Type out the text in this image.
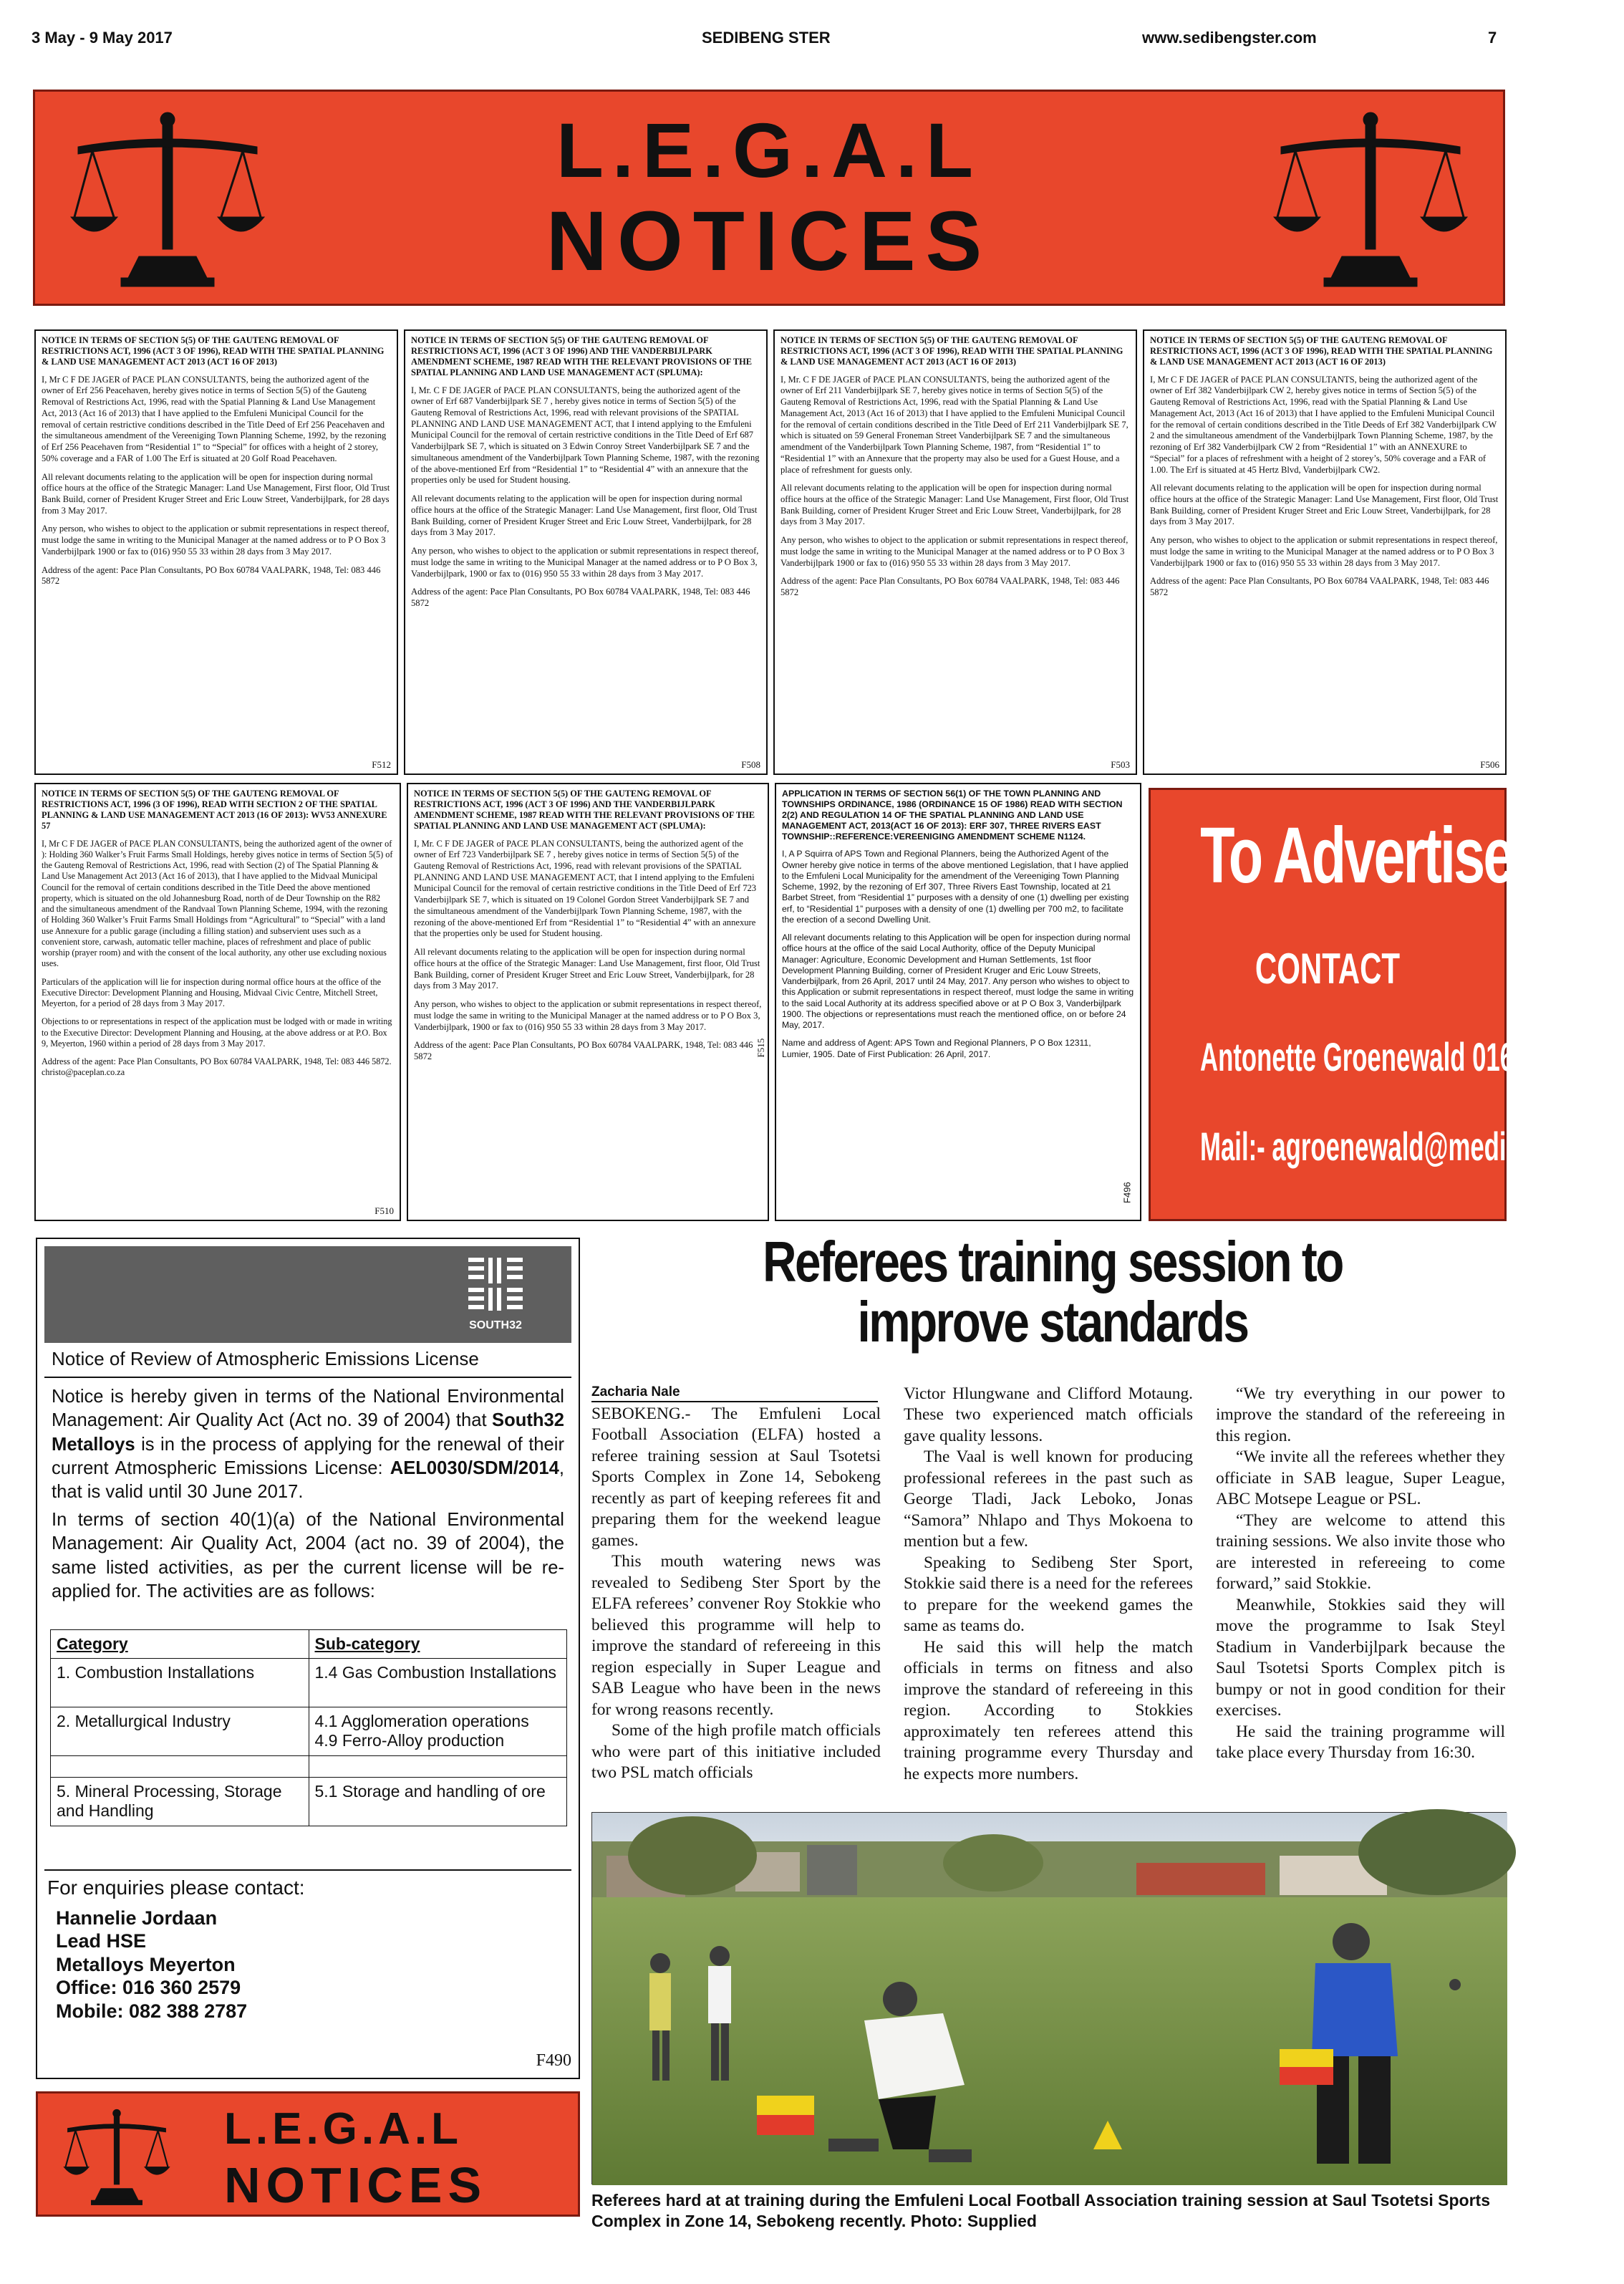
3 May - 9 May 2017	SEDIBENG STER	www.sedibengster.com	7
L.E.G.A.L
NOTICES
NOTICE IN TERMS OF SECTION 5(5) OF THE GAUTENG REMOVAL OF RESTRICTIONS ACT, 1996 (ACT 3 OF 1996), READ WITH THE SPATIAL PLANNING & LAND USE MANAGEMENT ACT 2013 (ACT 16 OF 2013)

I, Mr C F DE JAGER of PACE PLAN CONSULTANTS, being the authorized agent of the owner of Erf 256 Peacehaven, hereby gives notice in terms of Section 5(5) of the Gauteng Removal of Restrictions Act, 1996, read with the Spatial Planning & Land Use Management Act, 2013 (Act 16 of 2013) that I have applied to the Emfuleni Municipal Council for the removal of certain restrictive conditions described in the Title Deed of Erf 256 Peacehaven and the simultaneous amendment of the Vereeniging Town Planning Scheme, 1992, by the rezoning of Erf 256 Peacehaven from “Residential 1” to “Special” for offices with a height of 2 storey, 50% coverage and a FAR of 1.00 The Erf is situated at 20 Golf Road Peacehaven.

All relevant documents relating to the application will be open for inspection during normal office hours at the office of the Strategic Manager: Land Use Management, First floor, Old Trust Bank Build, corner of President Kruger Street and Eric Louw Street, Vanderbijlpark, for 28 days from 3 May 2017.

Any person, who wishes to object to the application or submit representations in respect thereof, must lodge the same in writing to the Municipal Manager at the named address or to P O Box 3 Vanderbijlpark 1900 or fax to (016) 950 55 33 within 28 days from 3 May 2017.

Address of the agent: Pace Plan Consultants, PO Box 60784 VAALPARK, 1948, Tel: 083 446 5872

F512
NOTICE IN TERMS OF SECTION 5(5) OF THE GAUTENG REMOVAL OF RESTRICTIONS ACT, 1996 (ACT 3 OF 1996) AND THE VANDERBIJLPARK AMENDMENT SCHEME, 1987 READ WITH THE RELEVANT PROVISIONS OF THE SPATIAL PLANNING AND LAND USE MANAGEMENT ACT (SPLUMA):

I, Mr. C F DE JAGER of PACE PLAN CONSULTANTS, being the authorized agent of the owner of Erf 687 Vanderbijlpark SE 7 , hereby gives notice in terms of Section 5(5) of the Gauteng Removal of Restrictions Act, 1996, read with relevant provisions of the SPATIAL PLANNING AND LAND USE MANAGEMENT ACT, that I intend applying to the Emfuleni Municipal Council for the removal of certain restrictive conditions in the Title Deed of Erf 687 Vanderbijlpark SE 7, which is situated on 3 Edwin Conroy Street Vanderbijlpark SE 7 and the simultaneous amendment of the Vanderbijlpark Town Planning Scheme, 1987, with the rezoning of the above-mentioned Erf from “Residential 1” to “Residential 4” with an annexure that the properties only be used for Student housing.

All relevant documents relating to the application will be open for inspection during normal office hours at the office of the Strategic Manager: Land Use Management, first floor, Old Trust Bank Building, corner of President Kruger Street and Eric Louw Street, Vanderbijlpark, for 28 days from 3 May 2017.

Any person, who wishes to object to the application or submit representations in respect thereof, must lodge the same in writing to the Municipal Manager at the named address or to P O Box 3, Vanderbijlpark, 1900 or fax to (016) 950 55 33 within 28 days from 3 May 2017.

Address of the agent: Pace Plan Consultants, PO Box 60784 VAALPARK, 1948, Tel: 083 446 5872

F508
NOTICE IN TERMS OF SECTION 5(5) OF THE GAUTENG REMOVAL OF RESTRICTIONS ACT, 1996 (ACT 3 OF 1996), READ WITH THE SPATIAL PLANNING & LAND USE MANAGEMENT ACT 2013 (ACT 16 OF 2013)

I, Mr. C F DE JAGER of PACE PLAN CONSULTANTS, being the authorized agent of the owner of Erf 211 Vanderbijlpark SE 7, hereby gives notice in terms of Section 5(5) of the Gauteng Removal of Restrictions Act, 1996, read with the Spatial Planning & Land Use Management Act, 2013 (Act 16 of 2013) that I have applied to the Emfuleni Municipal Council for the removal of certain conditions described in the Title Deed of Erf 211 Vanderbijlpark SE 7, which is situated on 59 General Froneman Street Vanderbijlpark SE 7 and the simultaneous amendment of the Vanderbijlpark Town Planning Scheme, 1987, from “Residential 1” to “Residential 1” with an Annexure that the property may also be used for a Guest House, and a place of refreshment for guests only.

All relevant documents relating to the application will be open for inspection during normal office hours at the office of the Strategic Manager: Land Use Management, First floor, Old Trust Bank Building, corner of President Kruger Street and Eric Louw Street, Vanderbijlpark, for 28 days from 3 May 2017.

Any person, who wishes to object to the application or submit representations in respect thereof, must lodge the same in writing to the Municipal Manager at the named address or to P O Box 3 Vanderbijlpark 1900 or fax to (016) 950 55 33 within 28 days from 3 May 2017.

Address of the agent: Pace Plan Consultants, PO Box 60784 VAALPARK, 1948, Tel: 083 446 5872

F503
NOTICE IN TERMS OF SECTION 5(5) OF THE GAUTENG REMOVAL OF RESTRICTIONS ACT, 1996 (ACT 3 OF 1996), READ WITH THE SPATIAL PLANNING & LAND USE MANAGEMENT ACT 2013 (ACT 16 OF 2013)

I, Mr C F DE JAGER of PACE PLAN CONSULTANTS, being the authorized agent of the owner of Erf 382 Vanderbijlpark CW 2, hereby gives notice in terms of Section 5(5) of the Gauteng Removal of Restrictions Act, 1996, read with the Spatial Planning & Land Use Management Act, 2013 (Act 16 of 2013) that I have applied to the Emfuleni Municipal Council for the removal of certain conditions described in the Title Deeds of Erf 382 Vanderbijlpark CW 2 and the simultaneous amendment of the Vanderbijlpark Town Planning Scheme, 1987, by the rezoning of Erf 382 Vanderbijlpark CW 2 from “Residential 1” with an ANNEXURE to “Special” for a places of refreshment with a height of 2 storey’s, 50% coverage and a FAR of 1.00. The Erf is situated at 45 Hertz Blvd, Vanderbijlpark CW2.

All relevant documents relating to the application will be open for inspection during normal office hours at the office of the Strategic Manager: Land Use Management, First floor, Old Trust Bank Building, corner of President Kruger Street and Eric Louw Street, Vanderbijlpark, for 28 days from 3 May 2017.

Any person, who wishes to object to the application or submit representations in respect thereof, must lodge the same in writing to the Municipal Manager at the named address or to P O Box 3 Vanderbijlpark 1900 or fax to (016) 950 55 33 within 28 days from 3 May 2017.

Address of the agent: Pace Plan Consultants, PO Box 60784 VAALPARK, 1948, Tel: 083 446 5872

F506
NOTICE IN TERMS OF SECTION 5(5) OF THE GAUTENG REMOVAL OF RESTRICTIONS ACT, 1996 (3 OF 1996), READ WITH SECTION 2 OF THE SPATIAL PLANNING & LAND USE MANAGEMENT ACT 2013 (16 OF 2013): WV53 ANNEXURE 57

I, Mr C F DE JAGER of PACE PLAN CONSULTANTS, being the authorized agent of the owner of ): Holding 360 Walker’s Fruit Farms Small Holdings, hereby gives notice in terms of Section 5(5) of the Gauteng Removal of Restrictions Act, 1996, read with Section (2) of The Spatial Planning & Land Use Management Act 2013 (Act 16 of 2013), that I have applied to the Midvaal Municipal Council for the removal of certain conditions described in the Title Deed the above mentioned property, which is situated on the old Johannesburg Road, north of de Deur Township on the R82 and the simultaneous amendment of the Randvaal Town Planning Scheme, 1994, with the rezoning of Holding 360 Walker’s Fruit Farms Small Holdings from “Agricultural” to “Special” with a land use Annexure for a public garage (including a filling station) and subservient uses such as a convenient store, carwash, automatic teller machine, places of refreshment and place of public worship (prayer room) and with the consent of the local authority, any other use excluding noxious uses.

Particulars of the application will lie for inspection during normal office hours at the office of the Executive Director: Development Planning and Housing, Midvaal Civic Centre, Mitchell Street, Meyerton, for a period of 28 days from 3 May 2017.

Objections to or representations in respect of the application must be lodged with or made in writing to the Executive Director: Development Planning and Housing, at the above address or at P.O. Box 9, Meyerton, 1960 within a period of 28 days from 3 May 2017.

Address of the agent: Pace Plan Consultants, PO Box 60784 VAALPARK, 1948, Tel: 083 446 5872. christo@paceplan.co.za

F510
NOTICE IN TERMS OF SECTION 5(5) OF THE GAUTENG REMOVAL OF RESTRICTIONS ACT, 1996 (ACT 3 OF 1996) AND THE VANDERBIJLPARK AMENDMENT SCHEME, 1987 READ WITH THE RELEVANT PROVISIONS OF THE SPATIAL PLANNING AND LAND USE MANAGEMENT ACT (SPLUMA):

I, Mr. C F DE JAGER of PACE PLAN CONSULTANTS, being the authorized agent of the owner of Erf 723 Vanderbijlpark SE 7 , hereby gives notice in terms of Section 5(5) of the Gauteng Removal of Restrictions Act, 1996, read with relevant provisions of the SPATIAL PLANNING AND LAND USE MANAGEMENT ACT, that I intend applying to the Emfuleni Municipal Council for the removal of certain restrictive conditions in the Title Deed of Erf 723 Vanderbijlpark SE 7, which is situated on 19 Colonel Gordon Street Vanderbijlpark SE 7 and the simultaneous amendment of the Vanderbijlpark Town Planning Scheme, 1987, with the rezoning of the above-mentioned Erf from “Residential 1” to “Residential 4” with an annexure that the properties only be used for Student housing.

All relevant documents relating to the application will be open for inspection during normal office hours at the office of the Strategic Manager: Land Use Management, first floor, Old Trust Bank Building, corner of President Kruger Street and Eric Louw Street, Vanderbijlpark, for 28 days from 3 May 2017.

Any person, who wishes to object to the application or submit representations in respect thereof, must lodge the same in writing to the Municipal Manager at the named address or to P O Box 3, Vanderbijlpark, 1900 or fax to (016) 950 55 33 within 28 days from 3 May 2017.

Address of the agent: Pace Plan Consultants, PO Box 60784 VAALPARK, 1948, Tel: 083 446 5872	F515
APPLICATION IN TERMS OF SECTION 56(1) OF THE TOWN PLANNING AND TOWNSHIPS ORDINANCE, 1986 (ORDINANCE 15 OF 1986) READ WITH SECTION 2(2) AND REGULATION 14 OF THE SPATIAL PLANNING AND LAND USE MANAGEMENT ACT, 2013(ACT 16 OF 2013): ERF 307, THREE RIVERS EAST TOWNSHIP::REFERENCE:VEREENIGING AMENDMENT SCHEME N1124.

I, A P Squirra of APS Town and Regional Planners, being the Authorized Agent of the Owner hereby give notice in terms of the above mentioned Legislation, that I have applied to the Emfuleni Local Municipality for the amendment of the Vereeniging Town Planning Scheme, 1992, by the rezoning of Erf 307, Three Rivers East Township, located at 21 Barbet Street, from “Residential 1” purposes with a density of one (1) dwelling per existing erf, to “Residential 1” purposes with a density of one (1) dwelling per 700 m2, to facilitate the erection of a second Dwelling Unit.

All relevant documents relating to this Application will be open for inspection during normal office hours at the office of the said Local Authority, office of the Deputy Municipal Manager: Agriculture, Economic Development and Human Settlements, 1st floor Development Planning Building, corner of President Kruger and Eric Louw Streets, Vanderbijlpark, from 26 April, 2017 until 24 May, 2017. Any person who wishes to object to this Application or submit representations in respect thereof, must lodge the same in writing to the said Local Authority at its address specified above or at P O Box 3, Vanderbijlpark 1900. The objections or representations must reach the mentioned office, on or before 24 May, 2017.

Name and address of Agent: APS Town and Regional Planners, P O Box 12311, Lumier, 1905. Date of First Publication: 26 April, 2017.

F496
To Advertise
CONTACT
Antonette Groenewald 016 950 7022
Mail:- agroenewald@media24.com
SOUTH32
Notice of Review of Atmospheric Emissions License
Notice is hereby given in terms of the National Environmental Management: Air Quality Act (Act no. 39 of 2004) that South32 Metalloys is in the process of applying for the renewal of their current Atmospheric Emissions License: AEL0030/SDM/2014, that is valid until 30 June 2017.
In terms of section 40(1)(a) of the National Environmental Management: Air Quality Act, 2004 (act no. 39 of 2004), the same listed activities, as per the current license will be re-applied for. The activities are as follows:
Category	Sub-category
1. Combustion Installations	1.4 Gas Combustion Installations
2. Metallurgical Industry	4.1 Agglomeration operations
4.9 Ferro-Alloy production

5. Mineral Processing, Storage and Handling	5.1 Storage and handling of ore
For enquiries please contact:
Hannelie Jordaan
Lead HSE
Metalloys Meyerton
Office: 016 360 2579
Mobile: 082 388 2787
F490
L.E.G.A.L
NOTICES
Referees training session to
improve standards
Zacharia Nale

SEBOKENG.- The Emfuleni Local Football Association (ELFA) hosted a referee training session at Saul Tsotetsi Sports Complex in Zone 14, Sebokeng recently as part of keeping referees fit and preparing them for the weekend league games.

This mouth watering news was revealed to Sedibeng Ster Sport by the ELFA referees’ convener Roy Stokkie who believed this programme will help to improve the standard of refereeing in this region especially in Super League and SAB League who have been in the news for wrong reasons recently.

Some of the high profile match officials who were part of this initiative included two PSL match officials

Victor Hlungwane and Clifford Motaung. These two experienced match officials gave quality lessons.

The Vaal is well known for producing professional referees in the past such as George Tladi, Jack Leboko, Jonas “Samora” Nhlapo and Thys Mokoena to mention but a few.

Speaking to Sedibeng Ster Sport, Stokkie said there is a need for the referees to prepare for the weekend games the same as teams do.

He said this will help the match officials in terms on fitness and also improve the standard of refereeing in this region. According to Stokkies approximately ten referees attend this training programme every Thursday and he expects more numbers.

“We try everything in our power to improve the standard of the refereeing in this region.

“We invite all the referees whether they officiate in SAB league, Super League, ABC Motsepe League or PSL.

“They are welcome to attend this training sessions. We also invite those who are interested in refereeing to come forward,” said Stokkie.

Meanwhile, Stokkies said they will move the programme to Isak Steyl Stadium in Vanderbijlpark because the Saul Tsotetsi Sports Complex pitch is bumpy or not in good condition for their exercises.

He said the training programme will take place every Thursday from 16:30.

Referees hard at at training during the Emfuleni Local Football Association training session at Saul Tsotetsi Sports Complex in Zone 14, Sebokeng recently. Photo: Supplied
